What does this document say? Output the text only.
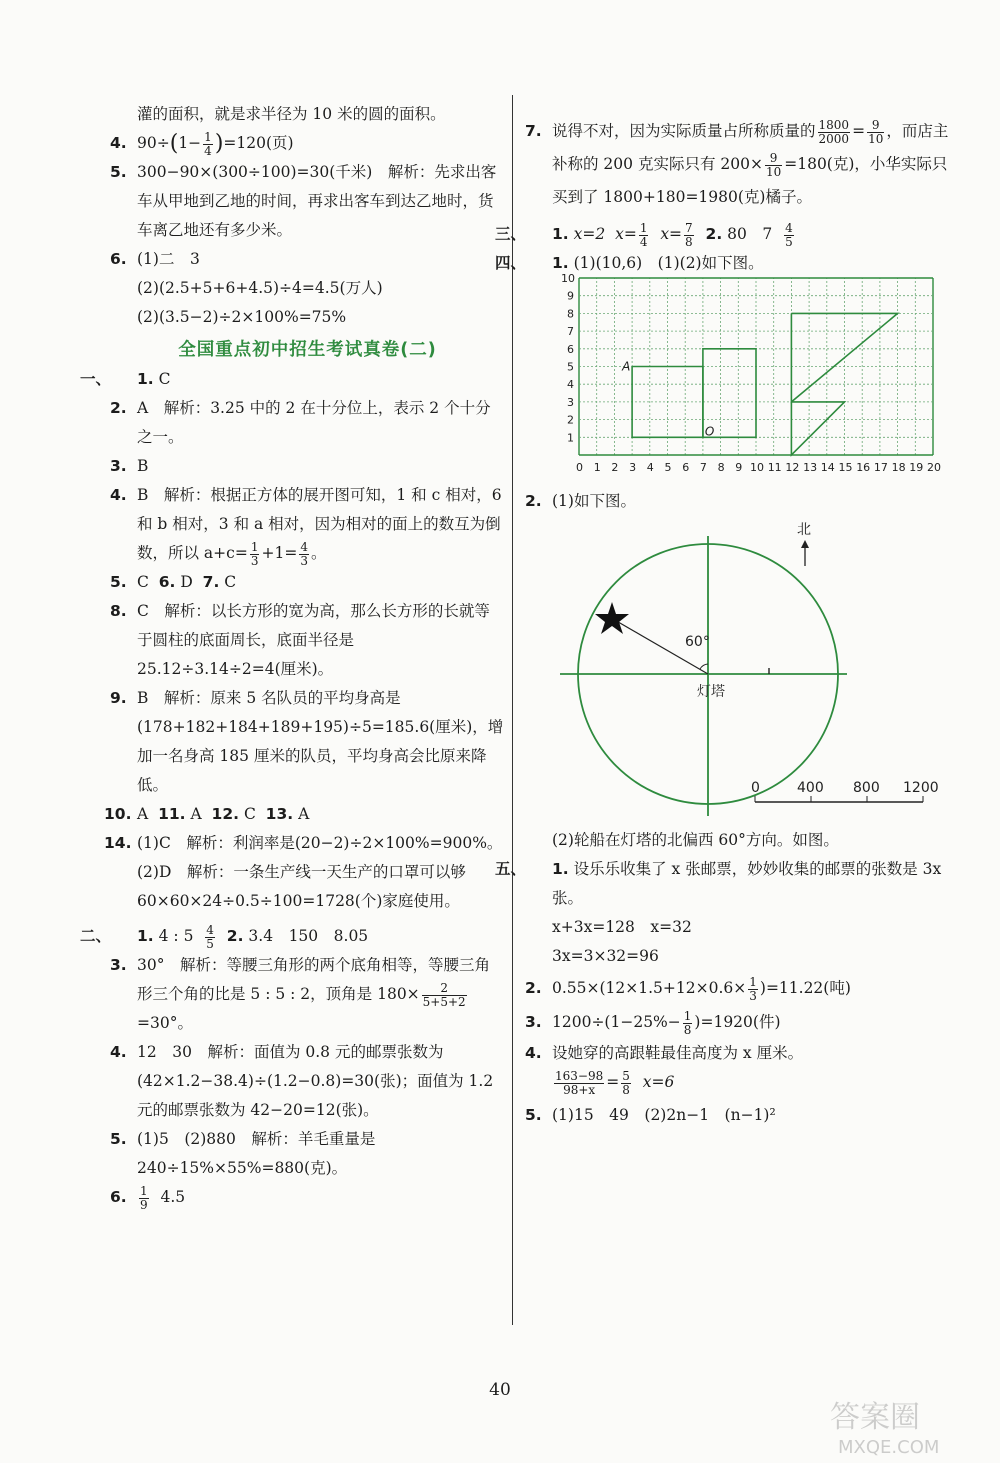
灌的面积，就是求半径为 10 米的圆的面积。
4. $90\div(1- \frac{1}{4} )=120$(页)
5. 300−90×(300÷100)=30(千米)　解析：先求出客车从甲地到乙地的时间，再求出客车到达乙地时，货车离乙地还有多少米。
6. (1)二　3
(2)(2.5+5+6+4.5)÷4=4.5(万人)
(2)(3.5−2)÷2×100%=75%
全国重点初中招生考试真卷(二)
一、 1. C
2. A　解析：3.25 中的 2 在十分位上，表示 2 个十分之一。
3. B
4. B　解析：根据正方体的展开图可知，1 和 c 相对，6 和 b 相对，3 和 a 相对，因为相对的面上的数互为倒数，所以 $a+c= \frac{1}{3} +1= \frac{4}{3}$ 。
5. C 6. D 7. C
8. C　解析：以长方形的宽为高，那么长方形的长就等于圆柱的底面周长，底面半径是 25.12÷3.14÷2=4(厘米)。
9. B　解析：原来 5 名队员的平均身高是(178+182+184+189+195)÷5=185.6(厘米)，增加一名身高 185 厘米的队员，平均身高会比原来降低。
10. A 11. A 12. C 13. A
14. (1)C　解析：利润率是(20−2)÷2×100%=900%。
(2)D　解析：一条生产线一天生产的口罩可以够 60×60×24÷0.5÷100=1728(个)家庭使用。
二、 1. 4 : $5 \frac{4}{5} 2$. 3.4　150　8.05
3. 30°　解析：等腰三角形的两个底角相等，等腰三角形三个角的比是 5 : 5 : 2，顶角是 $180\times \frac{2}{5+5+2}$
=30°。
4. 12　30　解析：面值为 0.8 元的邮票张数为(42×1.2−38.4)÷(1.2−0.8)=30(张)；面值为 1.2元的邮票张数为 42−20=12(张)。
5. (1)5　(2)880　解析：羊毛重量是 240÷15%×55%=880(克)。
6. $\frac{1}{9} 4.5$
7. 说得不对，因为实际质量占所称质量的 $\frac{1800}{2000} = \frac{9}{10}$ ，而店主补称的 200 克实际只有 $200\times \frac{9}{10} =180$(克)，小华实际只买到了 1800+180=1980(克)橘子。
三、 1. x=2 $x= \frac{1}{4} x= \frac{7}{8} 2$. 80　$7 \frac{4}{5}$
四、 1. (1)(10,6)　(1)(2)如下图。
0 1 2 3 4 5 6 7 8 9 10 11 12 13 14 15 16 17 18 19 20
1
2
3
4
5
6
7
8
9
10
A
O
2. (1)如下图。
北
60°
灯塔
0	400 800 1200
(2)轮船在灯塔的北偏西 60°方向。如图。
五、 1. 设乐乐收集了 x 张邮票，妙妙收集的邮票的张数是 3x 张。
x+3x=128　x=32
3x=3×32=96
2. $0.55\times(12\times 1.5+12\times 0.6\times \frac{1}{3} )=11.22$(吨)
3. $1200\div(1-25\%- \frac{1}{8} )=1920$(件)
4. 设她穿的高跟鞋最佳高度为 x 厘米。

$\frac{163-98}{98+x} = \frac{5}{8} x=6$
5. (1)15　49　(2)2n−1　(n−1)²
40
答案圈
MXQE.COM
